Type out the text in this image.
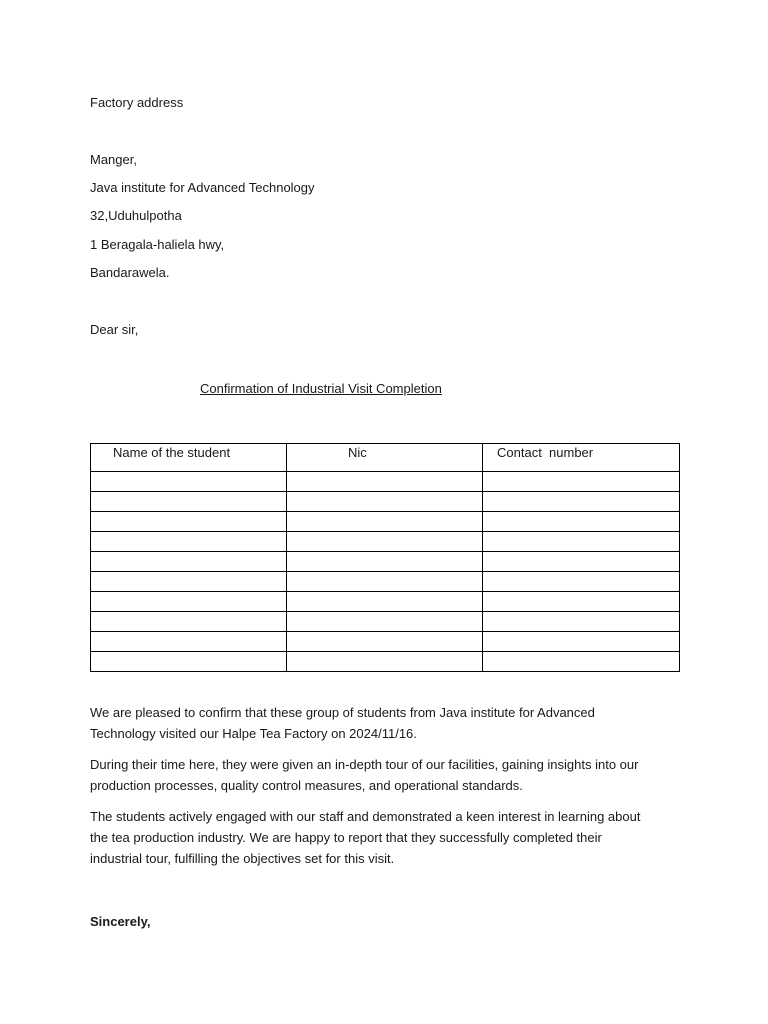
Factory address
Manger,
Java institute for Advanced Technology
32,Uduhulpotha
1 Beragala-haliela hwy,
Bandarawela.
Dear sir,
Confirmation of Industrial Visit Completion
Name of the student	Nic	Contact  number

We are pleased to confirm that these group of students from Java institute for Advanced

Technology visited our Halpe Tea Factory on 2024/11/16.

During their time here, they were given an in-depth tour of our facilities, gaining insights into our

production processes, quality control measures, and operational standards.

The students actively engaged with our staff and demonstrated a keen interest in learning about

the tea production industry. We are happy to report that they successfully completed their

industrial tour, fulfilling the objectives set for this visit.

Sincerely,
